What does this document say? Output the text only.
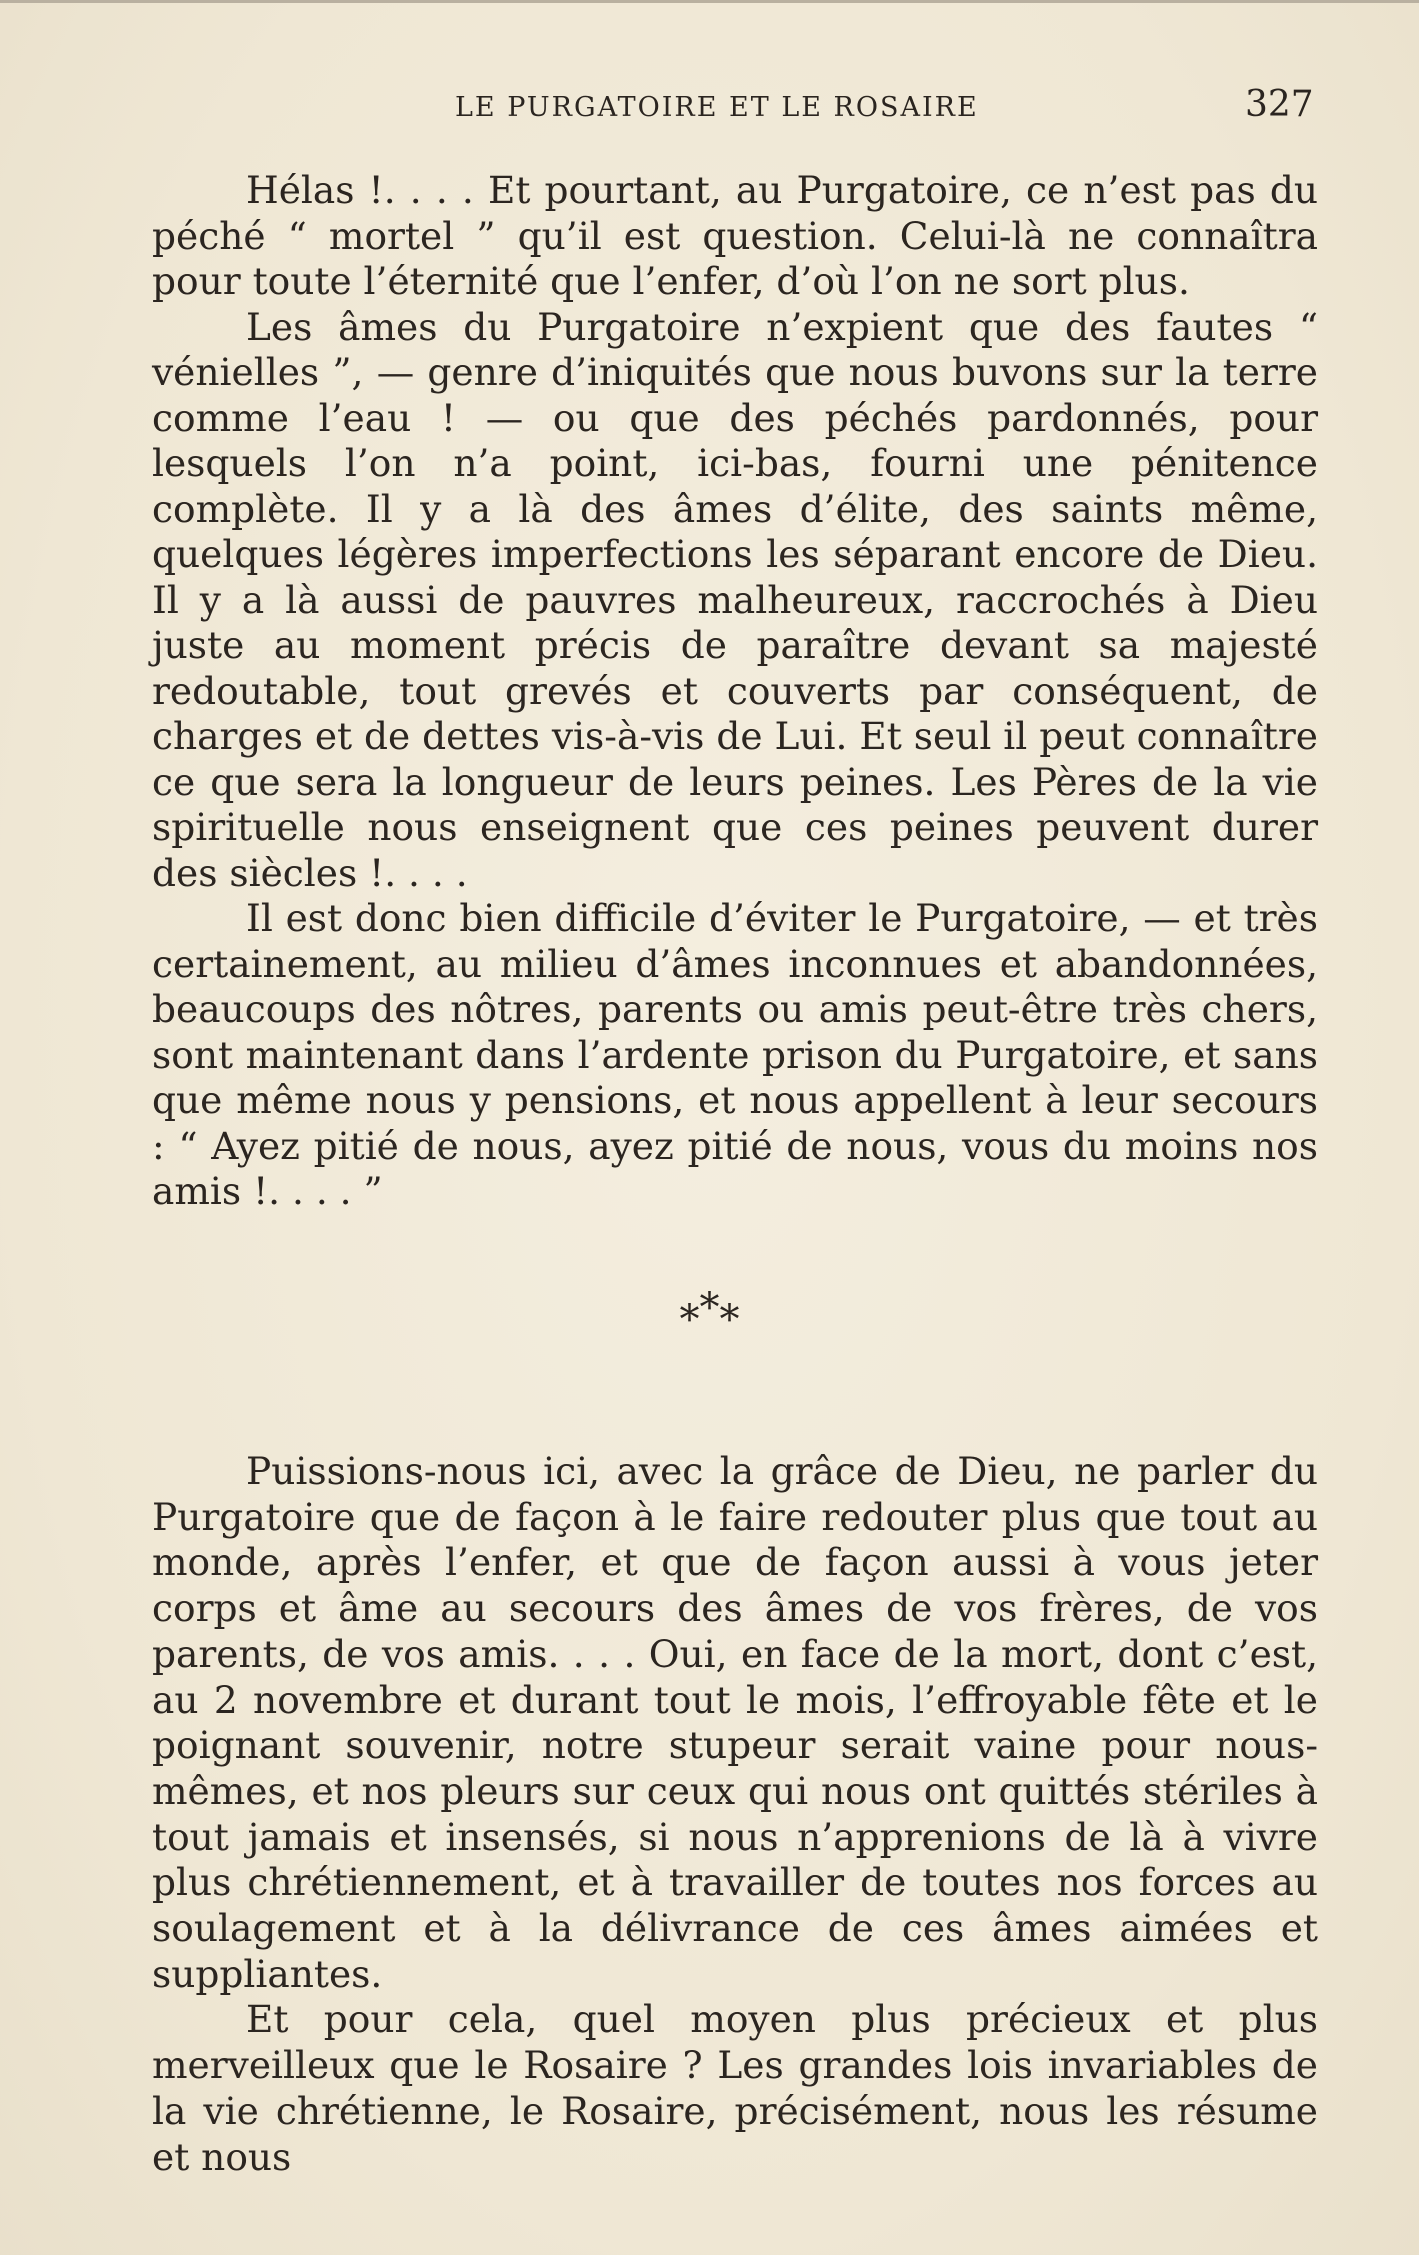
LE PURGATOIRE ET LE ROSAIRE	327

Hélas !. . . . Et pourtant, au Purgatoire, ce n’est pas du péché “ mortel ” qu’il est question. Celui-là ne connaîtra pour toute l’éternité que l’enfer, d’où l’on ne sort plus.

Les âmes du Purgatoire n’expient que des fautes “ vénielles ”, — genre d’iniquités que nous buvons sur la terre comme l’eau ! — ou que des péchés pardonnés, pour lesquels l’on n’a point, ici-bas, fourni une pénitence complète. Il y a là des âmes d’élite, des saints même, quelques légères imperfections les séparant encore de Dieu. Il y a là aussi de pauvres malheureux, raccrochés à Dieu juste au moment précis de paraître devant sa majesté redoutable, tout grevés et couverts par conséquent, de charges et de dettes vis-à-vis de Lui. Et seul il peut connaître ce que sera la longueur de leurs peines. Les Pères de la vie spirituelle nous enseignent que ces peines peuvent durer des siècles !. . . .

Il est donc bien difficile d’éviter le Purgatoire, — et très certainement, au milieu d’âmes inconnues et abandonnées, beaucoups des nôtres, parents ou amis peut-être très chers, sont maintenant dans l’ardente prison du Purgatoire, et sans que même nous y pensions, et nous appellent à leur secours : “ Ayez pitié de nous, ayez pitié de nous, vous du moins nos amis !. . . . ”

***

Puissions-nous ici, avec la grâce de Dieu, ne parler du Purgatoire que de façon à le faire redouter plus que tout au monde, après l’enfer, et que de façon aussi à vous jeter corps et âme au secours des âmes de vos frères, de vos parents, de vos amis. . . . Oui, en face de la mort, dont c’est, au 2 novembre et durant tout le mois, l’effroyable fête et le poignant souvenir, notre stupeur serait vaine pour nous-mêmes, et nos pleurs sur ceux qui nous ont quittés stériles à tout jamais et insensés, si nous n’apprenions de là à vivre plus chrétiennement, et à travailler de toutes nos forces au soulagement et à la délivrance de ces âmes aimées et suppliantes.

Et pour cela, quel moyen plus précieux et plus merveilleux que le Rosaire ? Les grandes lois invariables de la vie chrétienne, le Rosaire, précisément, nous les résume et nous
